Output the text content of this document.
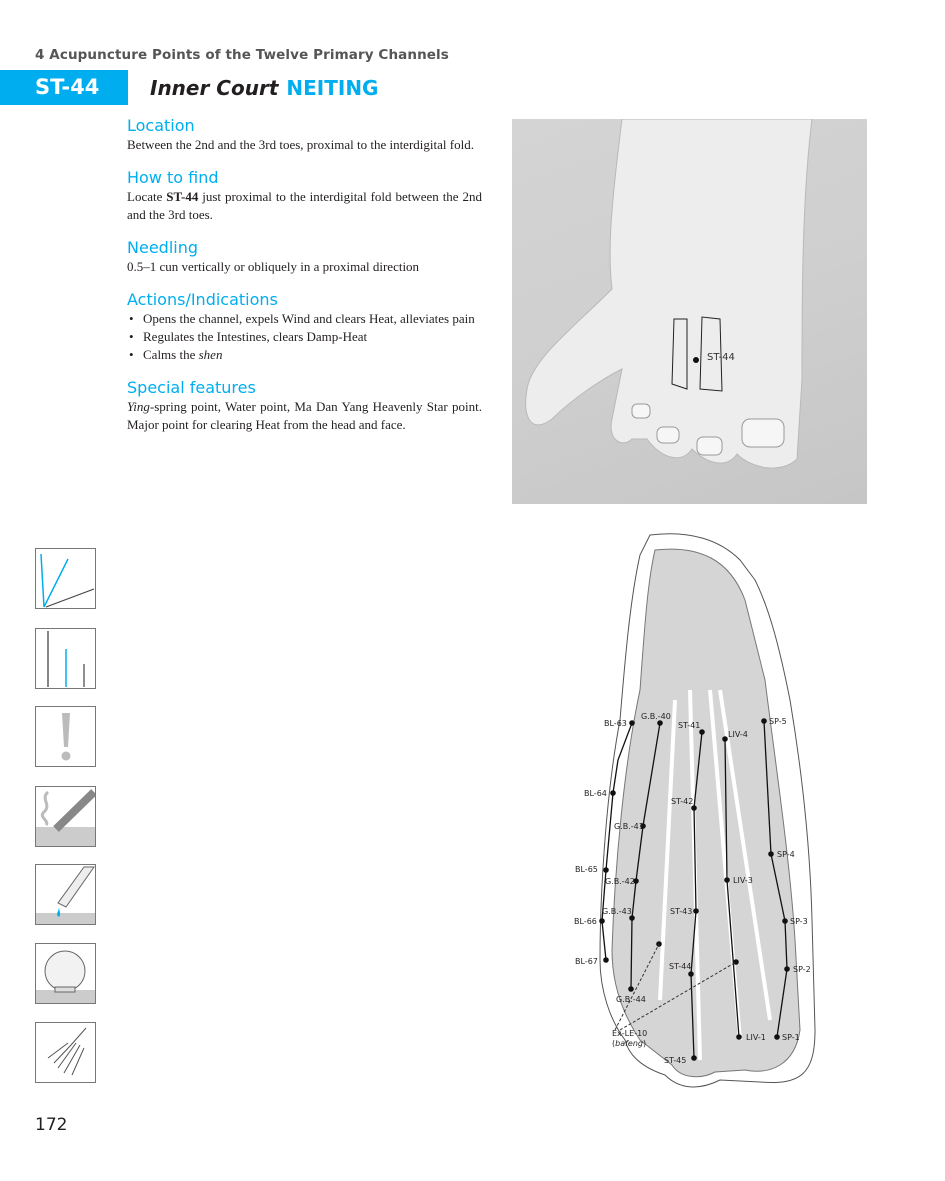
4 Acupuncture Points of the Twelve Primary Channels
ST-44	Inner Court NEITING
Location

Between the 2nd and the 3rd toes, proximal to the interdigital fold.

How to find

Locate ST-44 just proximal to the interdigital fold between the 2nd and the 3rd toes.

Needling

0.5–1 cun vertically or obliquely in a proximal direction

Actions/Indications
• Opens the channel, expels Wind and clears Heat, alleviates pain
• Regulates the Intestines, clears Damp-Heat
• Calms the shen
Special features

Ying-spring point, Water point, Ma Dan Yang Heavenly Star point. Major point for clearing Heat from the head and face.

ST-44
BL-63
G.B.-40
ST-41
LIV-4
SP-5
BL-64
ST-42
G.B.-41
SP-4
BL-65
G.B.-42	LIV-3
G.B.-43	ST-43
BL-66	SP-3
BL-67
ST-44	SP-2
G.B.-44
LIV-1 SP-1
ST-45
Ex-LE-10
(bafeng)
172
